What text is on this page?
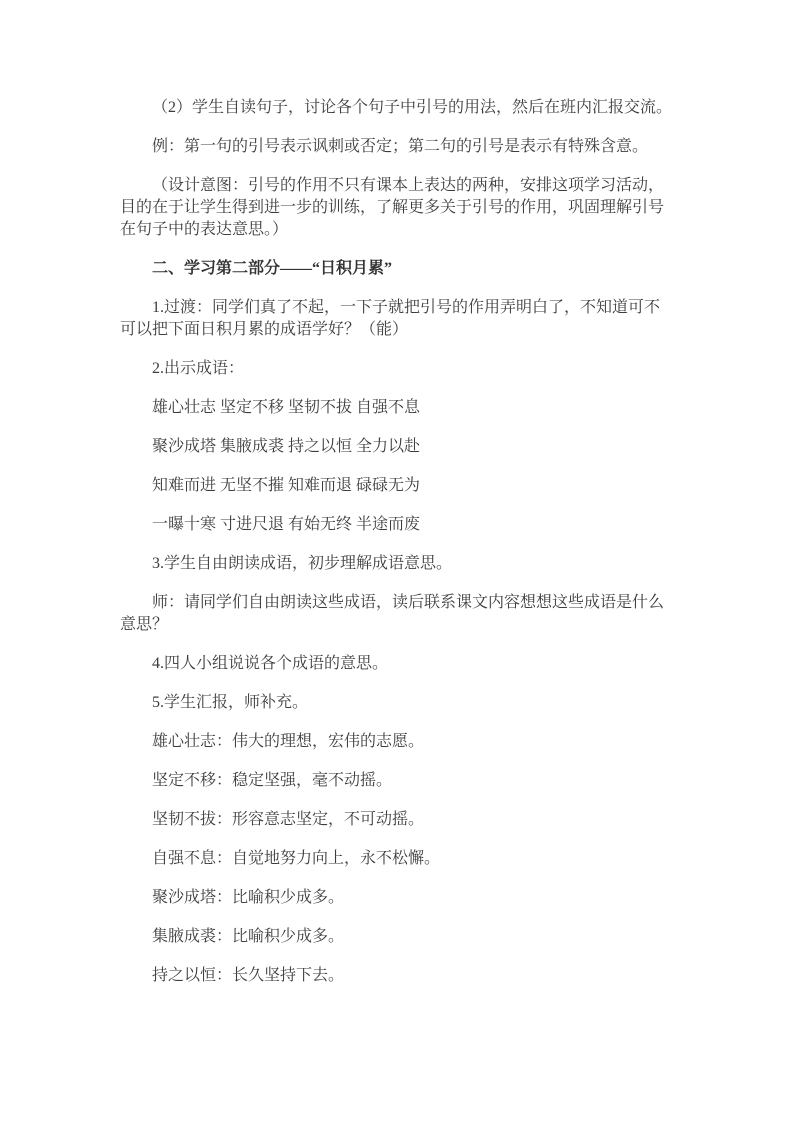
（2）学生自读句子，讨论各个句子中引号的用法，然后在班内汇报交流。

例：第一句的引号表示讽刺或否定；第二句的引号是表示有特殊含意。

（设计意图：引号的作用不只有课本上表达的两种，安排这项学习活动，目的在于让学生得到进一步的训练，了解更多关于引号的作用，巩固理解引号在句子中的表达意思。）

二、学习第二部分——“日积月累”

1.过渡：同学们真了不起，一下子就把引号的作用弄明白了，不知道可不可以把下面日积月累的成语学好？（能）

2.出示成语：

雄心壮志 坚定不移 坚韧不拔 自强不息

聚沙成塔 集腋成裘 持之以恒 全力以赴

知难而进 无坚不摧 知难而退 碌碌无为

一曝十寒 寸进尺退 有始无终 半途而废

3.学生自由朗读成语，初步理解成语意思。

师：请同学们自由朗读这些成语，读后联系课文内容想想这些成语是什么意思？

4.四人小组说说各个成语的意思。

5.学生汇报，师补充。

雄心壮志：伟大的理想，宏伟的志愿。

坚定不移：稳定坚强，毫不动摇。

坚韧不拔：形容意志坚定，不可动摇。

自强不息：自觉地努力向上，永不松懈。

聚沙成塔：比喻积少成多。

集腋成裘：比喻积少成多。

持之以恒：长久坚持下去。
